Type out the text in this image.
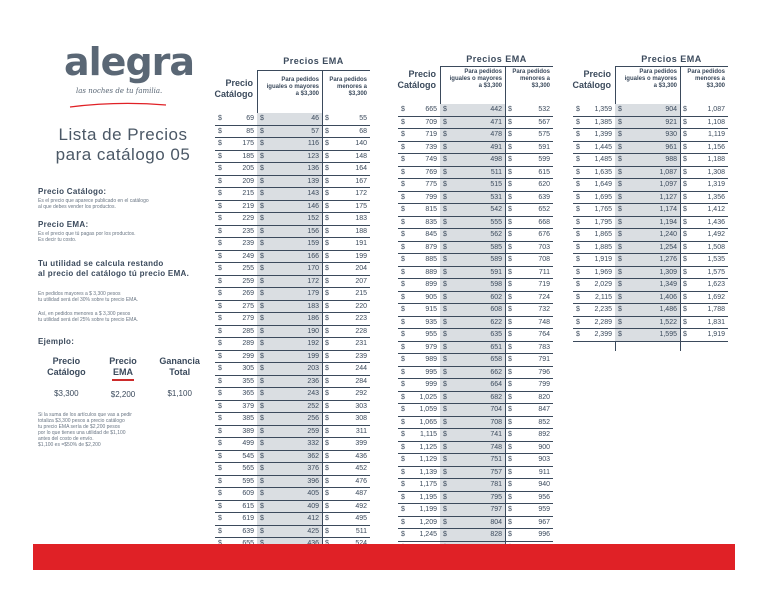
alegra
las noches de tu familia.
Lista de Precios
para catálogo 05
Precio Catálogo:
Es el precio que aparece publicado en el catálogo
al que debes vender los productos.
Precio EMA:
Es el precio que tú pagas por los productos.
Es decir tu costo.
Tu utilidad se calcula restando
al precio del catálogo tú precio EMA.
En pedidos mayores a $ 3,300 pesos
tu utilidad será del 30% sobre tu precio EMA.
Así, en pedidos menores a $ 3,300 pesos
tu utilidad será del 25% sobre tu precio EMA.
Ejemplo:
Precio
Catálogo
$3,300
Precio
EMA
$2,200
Ganancia
Total
$1,100
Si la suma de los artículos que vas a pedir
totaliza $3,300 pesos a precio catálogo
tu precio EMA sería de $2,200 pesos
por lo que tienes una utilidad de $1,100
antes del costo de envío.
$1,100 es =$50% de $2,200
Precios EMA
Precio
Catálogo
Para pedidos
iguales o mayores
a $3,300
Para pedidos
menores a
$3,300
$	69 $	46 $	55
$	85 $	57 $	68
$	175 $	116 $	140
$	185 $	123 $	148
$	205 $	136 $	164
$	209 $	139 $	167
$	215 $	143 $	172
$	219 $	146 $	175
$	229 $	152 $	183
$	235 $	156 $	188
$	239 $	159 $	191
$	249 $	166 $	199
$	255 $	170 $	204
$	259 $	172 $	207
$	269 $	179 $	215
$	275 $	183 $	220
$	279 $	186 $	223
$	285 $	190 $	228
$	289 $	192 $	231
$	299 $	199 $	239
$	305 $	203 $	244
$	355 $	236 $	284
$	365 $	243 $	292
$	379 $	252 $	303
$	385 $	256 $	308
$	389 $	259 $	311
$	499 $	332 $	399
$	545 $	362 $	436
$	565 $	376 $	452
$	595 $	396 $	476
$	609 $	405 $	487
$	615 $	409 $	492
$	619 $	412 $	495
$	639 $	425 $	511
Precios EMA
Precio
Catálogo
Para pedidos
iguales o mayores
a $3,300
Para pedidos
menores a
$3,300
$	665 $	442 $	532
$	709 $	471 $	567
$	719 $	478 $	575
$	739 $	491 $	591
$	749 $	498 $	599
$	769 $	511 $	615
$	775 $	515 $	620
$	799 $	531 $	639
$	815 $	542 $	652
$	835 $	555 $	668
$	845 $	562 $	676
$	879 $	585 $	703
$	885 $	589 $	708
$	889 $	591 $	711
$	899 $	598 $	719
$	905 $	602 $	724
$	915 $	608 $	732
$	935 $	622 $	748
$	955 $	635 $	764
$	979 $	651 $	783
$	989 $	658 $	791
$	995 $	662 $	796
$	999 $	664 $	799
$ 1,025 $	682 $	820
$ 1,059 $	704 $	847
$ 1,065 $	708 $	852
$ 1,115 $	741 $	892
$ 1,125 $	748 $	900
$ 1,129 $	751 $	903
$ 1,139 $	757 $	911
$ 1,175 $	781 $	940
$ 1,195 $	795 $	956
$ 1,199 $	797 $	959
$ 1,209 $	804 $	967
$ 1,245 $	828 $	996
Precios EMA
Precio
Catálogo
Para pedidos
iguales o mayores
a $3,300
Para pedidos
menores a
$3,300
$ 1,359 $	904 $	1,087
$ 1,385 $	921 $	1,108
$ 1,399 $	930 $	1,119
$ 1,445 $	961 $	1,156
$ 1,485 $	988 $	1,188
$ 1,635 $	1,087 $	1,308
$ 1,649 $	1,097 $	1,319
$ 1,695 $	1,127 $	1,356
$ 1,765 $	1,174 $	1,412
$ 1,795 $	1,194 $	1,436
$ 1,865 $	1,240 $	1,492
$ 1,885 $	1,254 $	1,508
$ 1,919 $	1,276 $	1,535
$ 1,969 $	1,309 $	1,575
$ 2,029 $	1,349 $	1,623
$ 2,115 $	1,406 $	1,692
$ 2,235 $	1,486 $	1,788
$ 2,289 $	1,522 $	1,831
$ 2,399 $	1,595 $	1,919
